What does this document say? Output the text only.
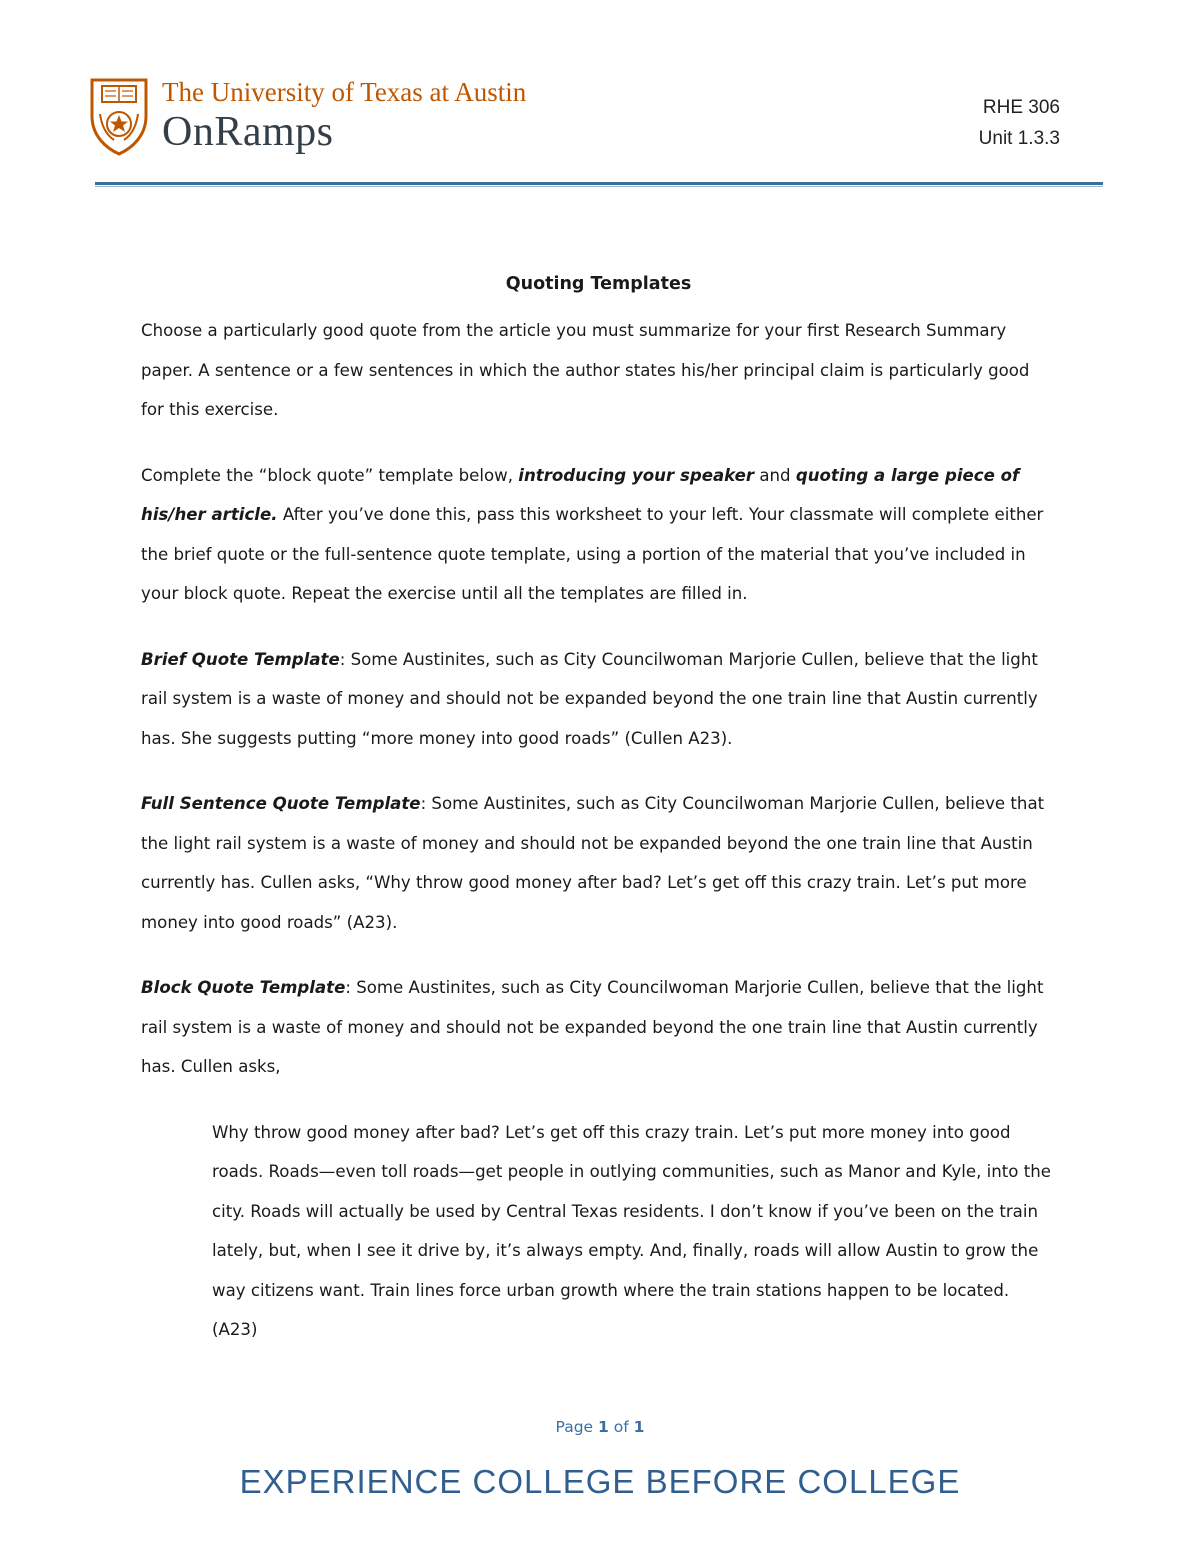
The University of Texas at Austin
OnRamps
RHE 306
Unit 1.3.3
Quoting Templates

Choose a particularly good quote from the article you must summarize for your first Research Summary paper. A sentence or a few sentences in which the author states his/her principal claim is particularly good for this exercise.

Complete the “block quote” template below, introducing your speaker and quoting a large piece of his/her article. After you’ve done this, pass this worksheet to your left. Your classmate will complete either the brief quote or the full-sentence quote template, using a portion of the material that you’ve included in your block quote. Repeat the exercise until all the templates are filled in.

Brief Quote Template: Some Austinites, such as City Councilwoman Marjorie Cullen, believe that the light rail system is a waste of money and should not be expanded beyond the one train line that Austin currently has. She suggests putting “more money into good roads” (Cullen A23).

Full Sentence Quote Template: Some Austinites, such as City Councilwoman Marjorie Cullen, believe that the light rail system is a waste of money and should not be expanded beyond the one train line that Austin currently has. Cullen asks, “Why throw good money after bad? Let’s get off this crazy train. Let’s put more money into good roads” (A23).

Block Quote Template: Some Austinites, such as City Councilwoman Marjorie Cullen, believe that the light rail system is a waste of money and should not be expanded beyond the one train line that Austin currently has. Cullen asks,

Why throw good money after bad? Let’s get off this crazy train. Let’s put more money into good roads. Roads—even toll roads—get people in outlying communities, such as Manor and Kyle, into the city. Roads will actually be used by Central Texas residents. I don’t know if you’ve been on the train lately, but, when I see it drive by, it’s always empty. And, finally, roads will allow Austin to grow the way citizens want. Train lines force urban growth where the train stations happen to be located. (A23)

Page 1 of 1
EXPERIENCE COLLEGE BEFORE COLLEGE
